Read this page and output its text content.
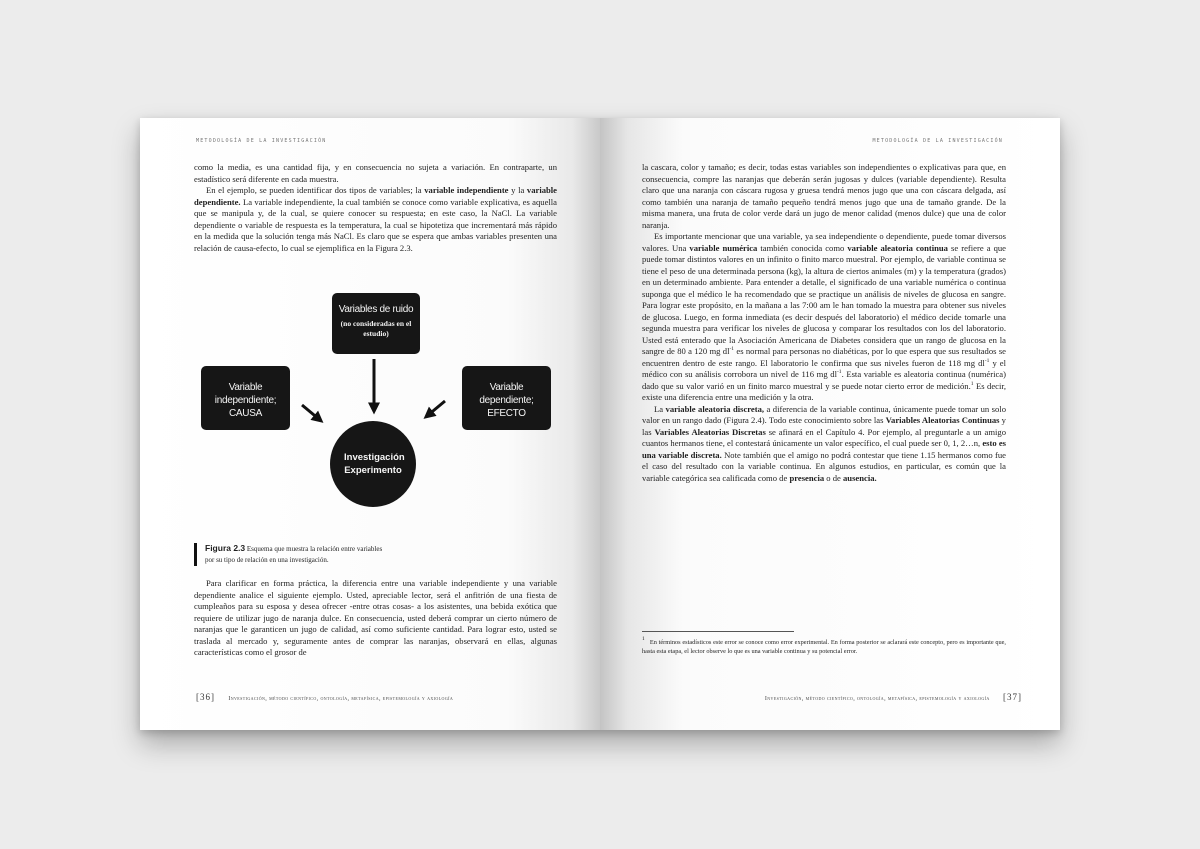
METODOLOGÍA DE LA INVESTIGACIÓN

como la media, es una cantidad fija, y en consecuencia no sujeta a variación. En contraparte, un estadístico será diferente en cada muestra.

En el ejemplo, se pueden identificar dos tipos de variables; la variable independiente y la variable dependiente. La variable independiente, la cual también se conoce como variable explicativa, es aquella que se manipula y, de la cual, se quiere conocer su respuesta; en este caso, la NaCl. La variable dependiente o variable de respuesta es la temperatura, la cual se hipotetiza que incrementará más rápido en la medida que la solución tenga más NaCl. Es claro que se espera que ambas variables presenten una relación de causa-efecto, lo cual se ejemplifica en la Figura 2.3.

Variables de ruido
(no consideradas en el estudio)
Variable independiente; CAUSA
Variable dependiente; EFECTO
Investigación Experimento
Figura 2.3 Esquema que muestra la relación entre variables
por su tipo de relación en una investigación.

Para clarificar en forma práctica, la diferencia entre una variable independiente y una variable dependiente analice el siguiente ejemplo. Usted, apreciable lector, será el anfitrión de una fiesta de cumpleaños para su esposa y desea ofrecer -entre otras cosas- a los asistentes, una bebida exótica que requiere de utilizar jugo de naranja dulce. En consecuencia, usted deberá comprar un cierto número de naranjas que le garanticen un jugo de calidad, así como suficiente cantidad. Para lograr esto, usted se traslada al mercado y, seguramente antes de comprar las naranjas, observará en ellas, algunas características como el grosor de

[36] Investigación, método científico, ontología, metafísica, epistemología y axiología
METODOLOGÍA DE LA INVESTIGACIÓN

la cascara, color y tamaño; es decir, todas estas variables son independientes o explicativas para que, en consecuencia, compre las naranjas que deberán serán jugosas y dulces (variable dependiente). Resulta claro que una naranja con cáscara rugosa y gruesa tendrá menos jugo que una con cáscara delgada, así como también una naranja de tamaño pequeño tendrá menos jugo que una de tamaño grande. De la misma manera, una fruta de color verde dará un jugo de menor calidad (menos dulce) que una de color naranja.

Es importante mencionar que una variable, ya sea independiente o dependiente, puede tomar diversos valores. Una variable numérica también conocida como variable aleatoria continua se refiere a que puede tomar distintos valores en un infinito o finito marco muestral. Por ejemplo, de variable continua se tiene el peso de una determinada persona (kg), la altura de ciertos animales (m) y la temperatura (grados) en un determinado ambiente. Para entender a detalle, el significado de una variable numérica o continua suponga que el médico le ha recomendado que se practique un análisis de niveles de glucosa en sangre. Para lograr este propósito, en la mañana a las 7:00 am le han tomado la muestra para obtener sus niveles de glucosa. Luego, en forma inmediata (es decir después del laboratorio) el médico decide tomarle una segunda muestra para verificar los niveles de glucosa y comparar los resultados con los del laboratorio. Usted está enterado que la Asociación Americana de Diabetes considera que un rango de glucosa en la sangre de 80 a 120 mg $dl^{-1}$ es normal para personas no diabéticas, por lo que espera que sus resultados se encuentren dentro de este rango. El laboratorio le confirma que sus niveles fueron de 118 mg $dl^{-1}$ y el médico con su análisis corrobora un nivel de 116 mg $dl^{-1}$. Esta variable es aleatoria continua (numérica) dado que su valor varió en un finito marco muestral y se puede notar cierto error de medición.$^1$ Es decir, existe una diferencia entre una medición y la otra.

La variable aleatoria discreta, a diferencia de la variable continua, únicamente puede tomar un solo valor en un rango dado (Figura 2.4). Todo este conocimiento sobre las Variables Aleatorias Continuas y las Variables Aleatorias Discretas se afinará en el Capítulo 4. Por ejemplo, al preguntarle a un amigo cuantos hermanos tiene, el contestará únicamente un valor específico, el cual puede ser 0, 1, 2…n, esto es una variable discreta. Note también que el amigo no podrá contestar que tiene 1.15 hermanos como fue el caso del resultado con la variable continua. En algunos estudios, en particular, es común que la variable categórica sea calificada como de presencia o de ausencia.

$^1$ En términos estadísticos este error se conoce como error experimental. En forma posterior se aclarará este concepto, pero es importante que, hasta esta etapa, el lector observe lo que es una variable continua y su potencial error.
Investigación, método científico, ontología, metafísica, epistemología y axiología [37]
